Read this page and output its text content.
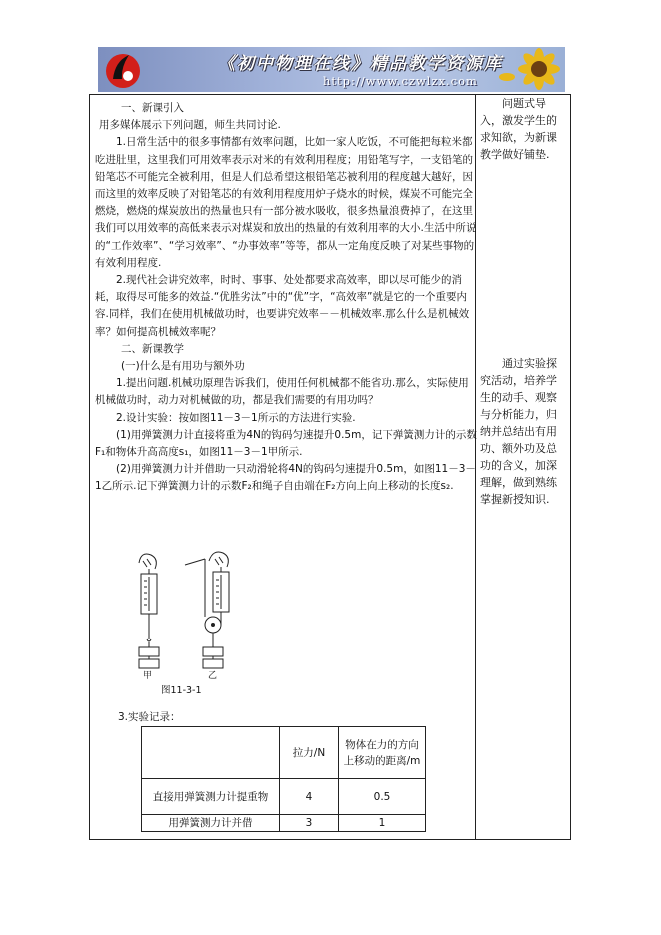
《初中物理在线》精品教学资源库
http://www.czwlzx.com

一、新课引入

用多媒体展示下列问题，师生共同讨论.

1.日常生活中的很多事情都有效率问题，比如一家人吃饭，不可能把每粒米都吃进肚里，这里我们可用效率表示对米的有效利用程度；用铅笔写字，一支铅笔的铅笔芯不可能完全被利用，但是人们总希望这根铅笔芯被利用的程度越大越好，因而这里的效率反映了对铅笔芯的有效利用程度用炉子烧水的时候，煤炭不可能完全燃烧，燃烧的煤炭放出的热量也只有一部分被水吸收，很多热量浪费掉了，在这里我们可以用效率的高低来表示对煤炭和放出的热量的有效利用率的大小.生活中所说的“工作效率”、“学习效率”、“办事效率”等等，都从一定角度反映了对某些事物的有效利用程度.

2.现代社会讲究效率，时时、事事、处处都要求高效率，即以尽可能少的消耗，取得尽可能多的效益.“优胜劣汰”中的“优”字，“高效率”就是它的一个重要内容.同样，我们在使用机械做功时，也要讲究效率－－机械效率.那么什么是机械效率？如何提高机械效率呢？

二、新课教学

(一)什么是有用功与额外功

1.提出问题.机械功原理告诉我们，使用任何机械都不能省功.那么，实际使用机械做功时，动力对机械做的功，都是我们需要的有用功吗？

2.设计实验：按如图11－3－1所示的方法进行实验.

(1)用弹簧测力计直接将重为4N的钩码匀速提升0.5m，记下弹簧测力计的示数F₁和物体升高高度s₁，如图11－3－1甲所示.

(2)用弹簧测力计并借助一只动滑轮将4N的钩码匀速提升0.5m，如图11－3－1乙所示.记下弹簧测力计的示数F₂和绳子自由端在F₂方向上向上移动的长度s₂.

问题式导入，激发学生的求知欲，为新课教学做好铺垫.

通过实验探究活动，培养学生的动手、观察与分析能力，归纳并总结出有用功、额外功及总功的含义，加深理解，做到熟练掌握新授知识.

甲	乙
图11-3-1
3.实验记录：
	拉力/N	物体在力的方向上移动的距离/m
直接用弹簧测力计提重物	4	0.5
用弹簧测力计并借	3	1
